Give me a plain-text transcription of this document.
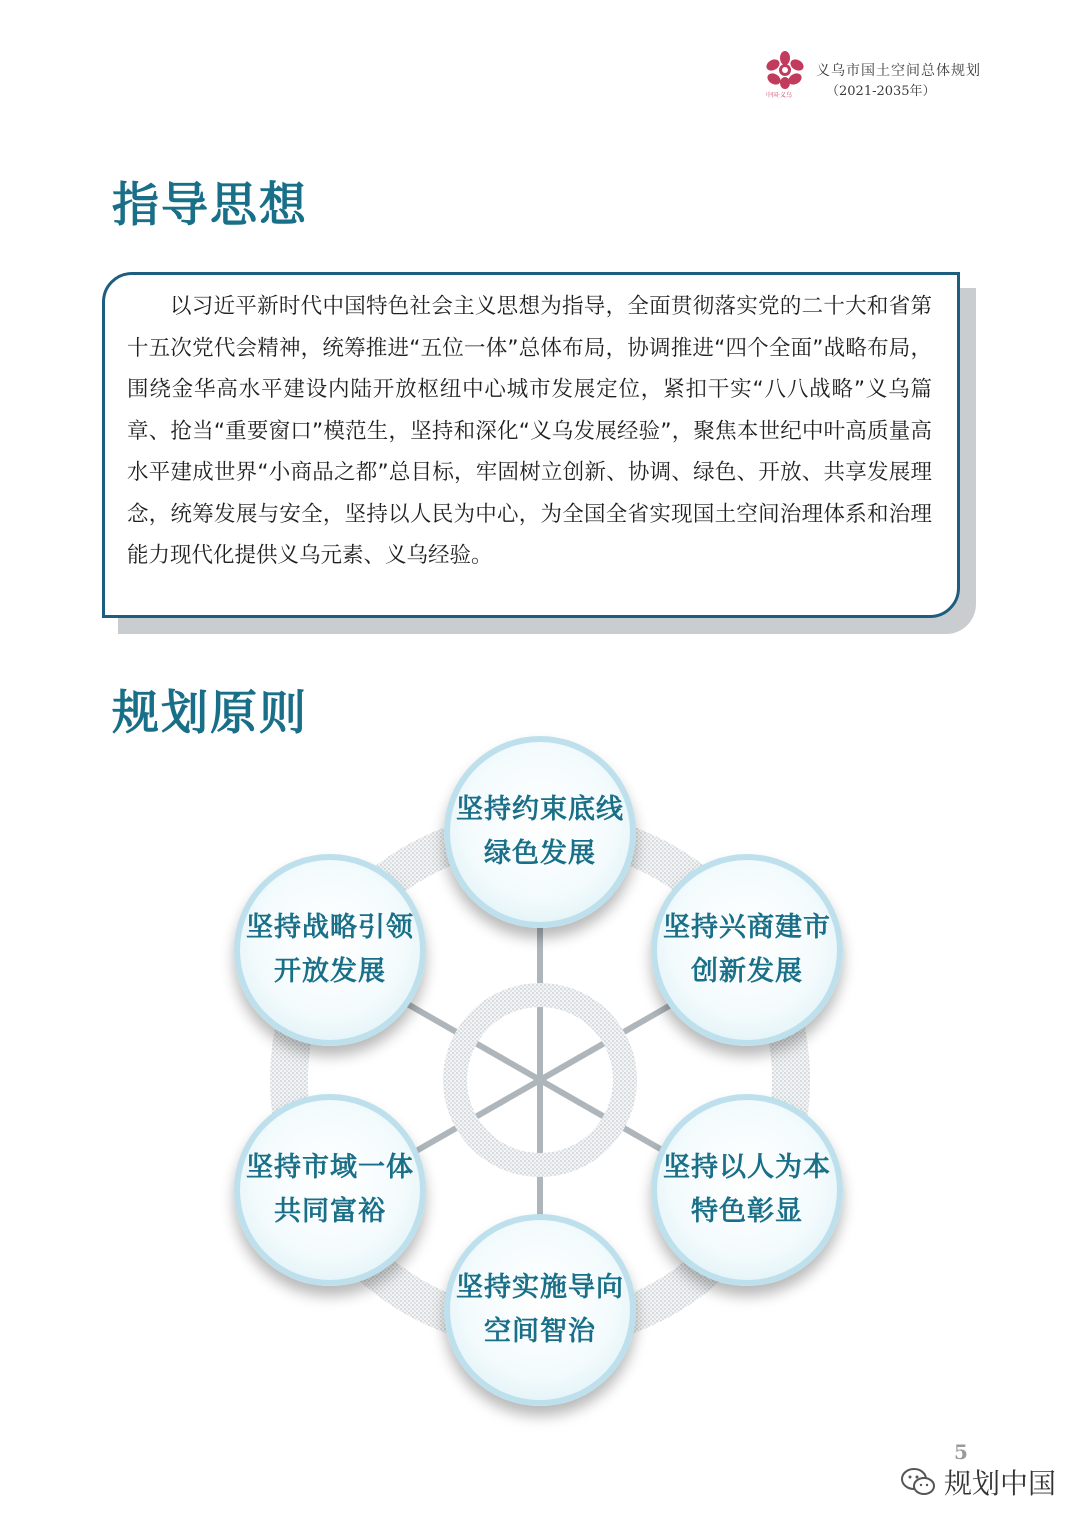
中国·义乌
义乌市国土空间总体规划
（2021-2035年）
指导思想

以习近平新时代中国特色社会主义思想为指导，全面贯彻落实党的二十大和省第十五次党代会精神，统筹推进“五位一体”总体布局，协调推进“四个全面”战略布局，围绕金华高水平建设内陆开放枢纽中心城市发展定位，紧扣干实“八八战略”义乌篇章、抢当“重要窗口”模范生，坚持和深化“义乌发展经验”，聚焦本世纪中叶高质量高水平建成世界“小商品之都”总目标，牢固树立创新、协调、绿色、开放、共享发展理念，统筹发展与安全，坚持以人民为中心，为全国全省实现国土空间治理体系和治理能力现代化提供义乌元素、义乌经验。

规划原则
坚持约束底线
绿色发展
坚持兴商建市
创新发展
坚持以人为本
特色彰显
坚持实施导向
空间智治
坚持市域一体
共同富裕
坚持战略引领
开放发展
5
规划中国
